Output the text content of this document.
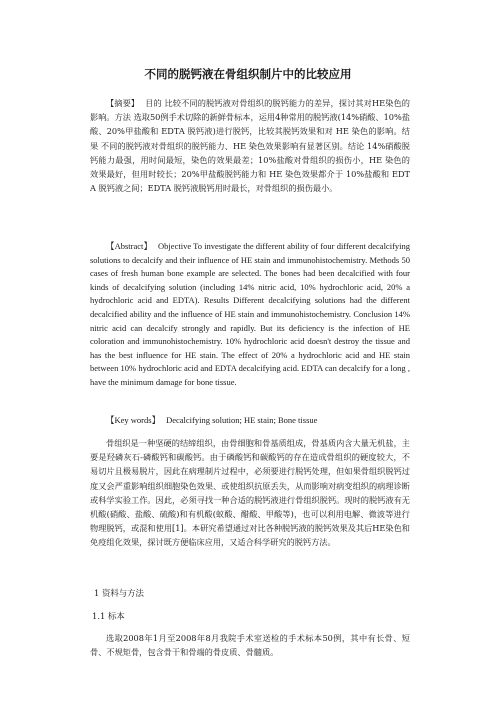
不同的脱钙液在骨组织制片中的比较应用
【摘要】 目的 比较不同的脱钙液对骨组织的脱钙能力的差异，探讨其对HE染色的影响。方法 选取50例手术切除的新鲜骨标本，运用4种常用的脱钙液(14%硝酸、10%盐酸、20%甲盐酸和 EDTA 脱钙液)进行脱钙，比较其脱钙效果和对 HE 染色的影响。结果 不同的脱钙液对骨组织的脱钙能力、HE 染色效果影响有显著区别。结论 14%硝酸脱钙能力最强，用时间最短，染色的效果最差；10%盐酸对骨组织的损伤小，HE 染色的效果最好，但用时较长；20%甲盐酸脱钙能力和 HE 染色效果都介于 10%盐酸和 EDTA 脱钙液之间；EDTA 脱钙液脱钙用时最长，对骨组织的损伤最小。
【Abstract】 Objective To investigate the different ability of four different decalcifying solutions to decalcify and their influence of HE stain and immunohistochemistry. Methods 50 cases of fresh human bone example are selected. The bones had been decalcified with four kinds of decalcifying solution (including 14% nitric acid, 10% hydrochloric acid, 20% a hydrochloric acid and EDTA). Results Different decalcifying solutions had the different decalcified ability and the influence of HE stain and immunohistochemistry. Conclusion 14% nitric acid can decalcify strongly and rapidly. But its deficiency is the infection of HE coloration and immunohistochemistry. 10% hydrochloric acid doesn't destroy the tissue and has the best influence for HE stain. The effect of 20% a hydrochloric acid and HE stain between 10% hydrochloric acid and EDTA decalcifying acid. EDTA can decalcify for a long , have the minimum damage for bone tissue.
【Key words】 Decalcifying solution; HE stain; Bone tissue
骨组织是一种坚硬的结缔组织，由骨细胞和骨基质组成，骨基质内含大量无机盐，主要是羟磷灰石-磷酸钙和碳酸钙。由于磷酸钙和碳酸钙的存在造成骨组织的硬度较大，不易切片且极易脱片，因此在病理制片过程中，必须要进行脱钙处理，但如果骨组织脱钙过度又会严重影响组织细胞染色效果、或使组织抗原丢失，从而影响对病变组织的病理诊断或科学实验工作。因此，必须寻找一种合适的脱钙液进行骨组织脱钙。现时的脱钙液有无机酸(硝酸、盐酸、硫酸)和有机酸(蚁酸、醋酸、甲酸等)，也可以利用电解、微波等进行物理脱钙，或混和使用[1]。本研究希望通过对比各种脱钙液的脱钙效果及其后HE染色和免疫组化效果，探讨既方便临床应用，又适合科学研究的脱钙方法。
1 资料与方法
1.1 标本
选取2008年1月至2008年8月我院手术室送检的手术标本50例，其中有长骨、短骨、不规矩骨，包含骨干和骨端的骨皮质、骨髓质。
